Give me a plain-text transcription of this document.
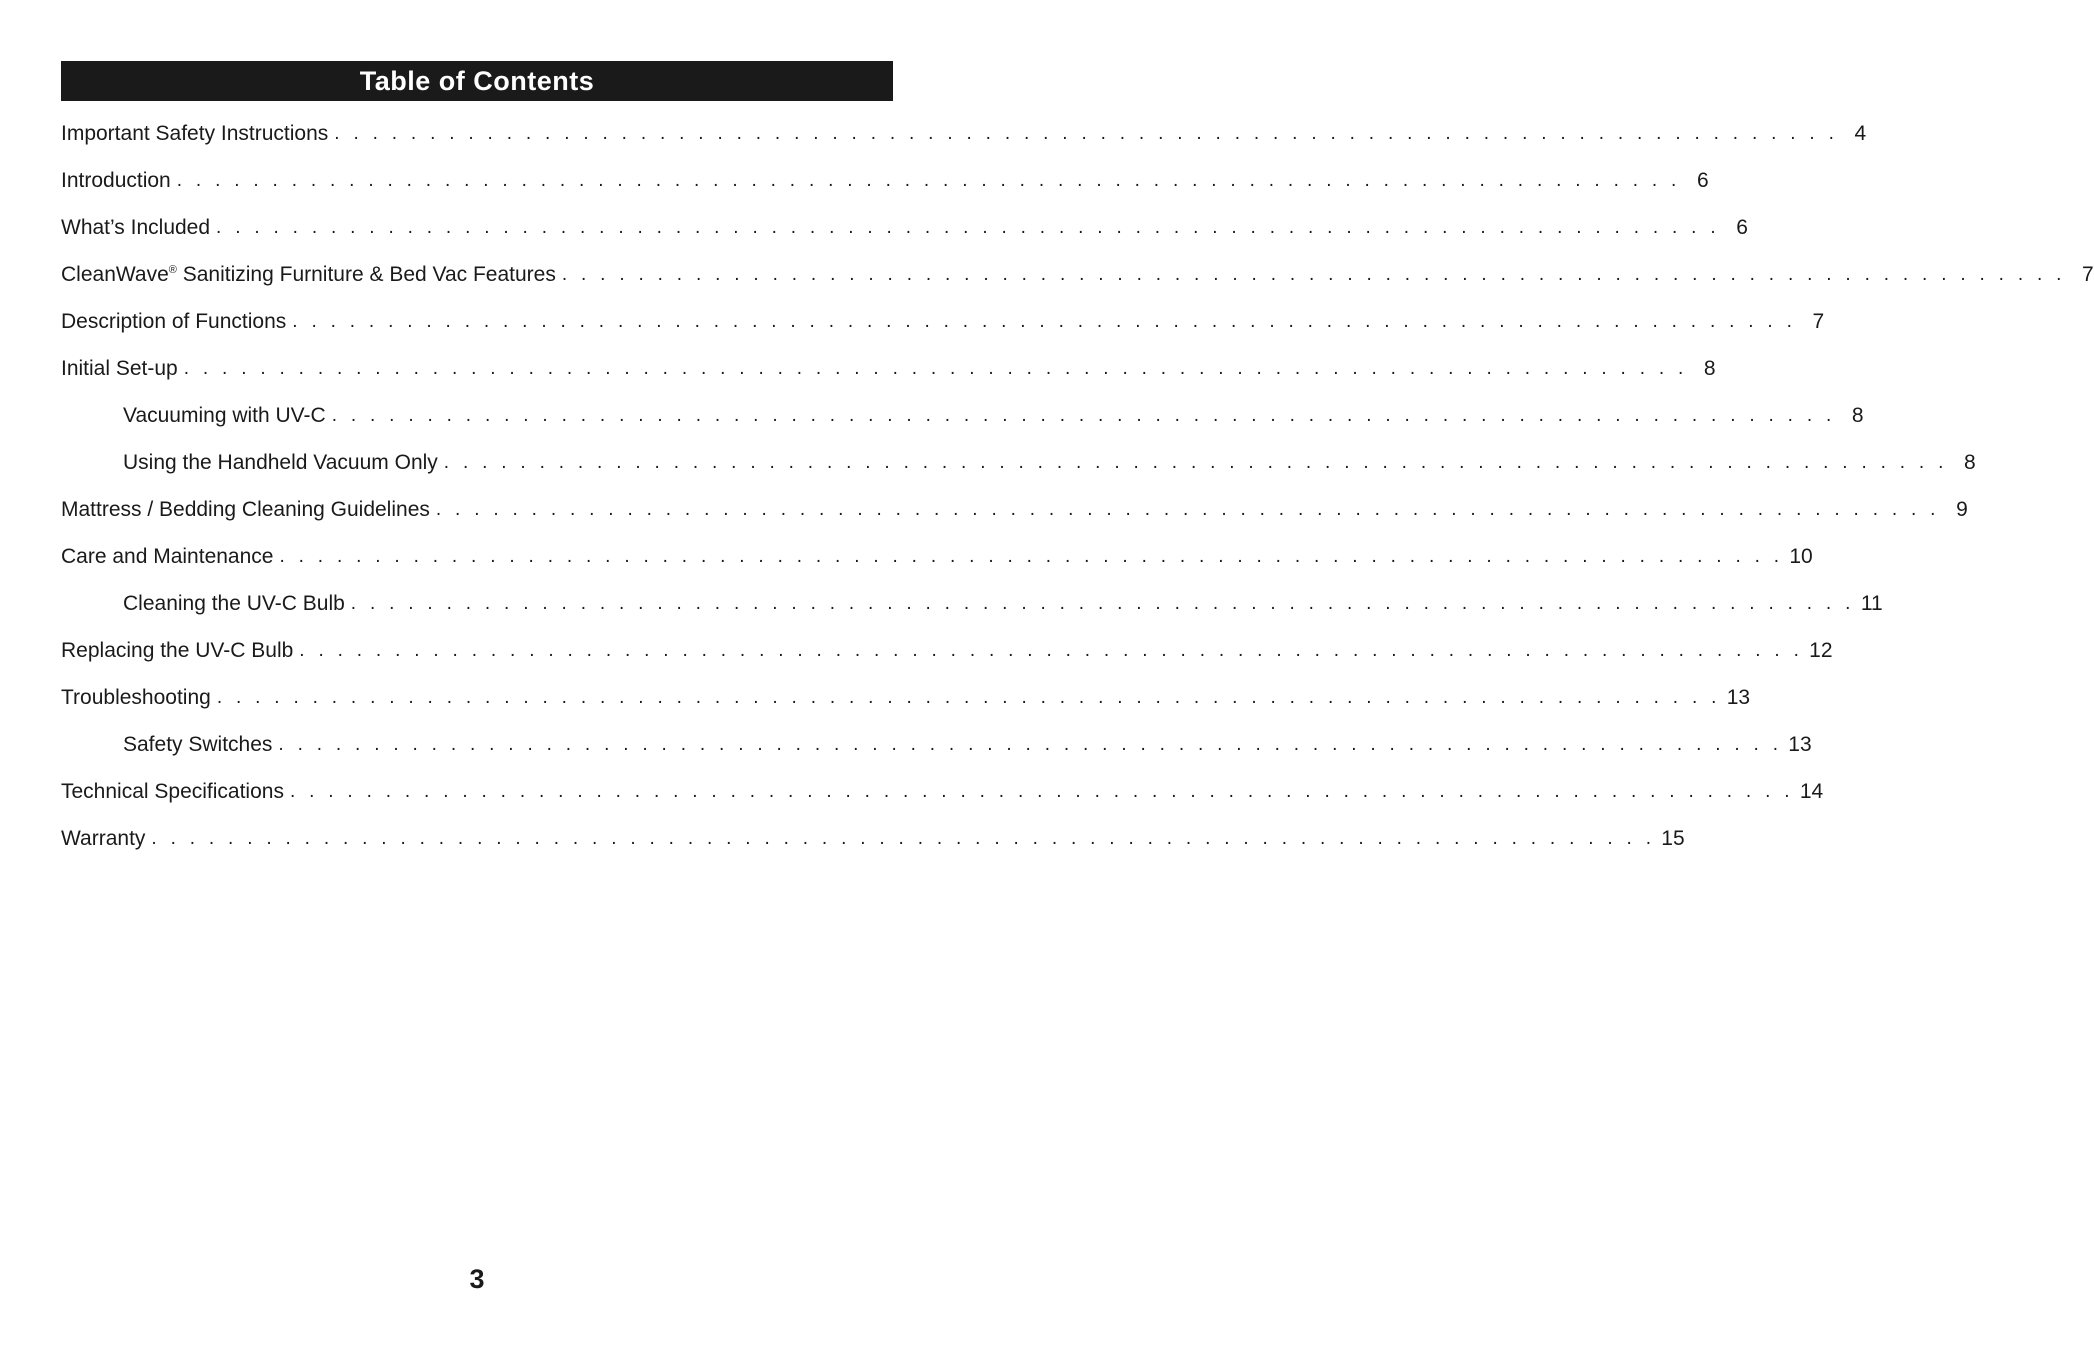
Table of Contents
Important Safety Instructions . . . . . . . . . . . . . . . . . . . . . . . . . . . . . . . . . . . . . . . . . . . . . . . . . . . . . . . . . . . . . . . . . . . . . . . . . . . . . . . 4
Introduction . . . . . . . . . . . . . . . . . . . . . . . . . . . . . . . . . . . . . . . . . . . . . . . . . . . . . . . . . . . . . . . . . . . . . . . . . . . . . . . 6
What’s Included . . . . . . . . . . . . . . . . . . . . . . . . . . . . . . . . . . . . . . . . . . . . . . . . . . . . . . . . . . . . . . . . . . . . . . . . . . . . . . . 6
CleanWave® Sanitizing Furniture & Bed Vac Features . . . . . . . . . . . . . . . . . . . . . . . . . . . . . . . . . . . . . . . . . . . . . . . . . . . . . . . . . . . . . . . . . . . . . . . . . . . . . . . 7
Description of Functions . . . . . . . . . . . . . . . . . . . . . . . . . . . . . . . . . . . . . . . . . . . . . . . . . . . . . . . . . . . . . . . . . . . . . . . . . . . . . . . 7
Initial Set-up . . . . . . . . . . . . . . . . . . . . . . . . . . . . . . . . . . . . . . . . . . . . . . . . . . . . . . . . . . . . . . . . . . . . . . . . . . . . . . . 8
Vacuuming with UV-C . . . . . . . . . . . . . . . . . . . . . . . . . . . . . . . . . . . . . . . . . . . . . . . . . . . . . . . . . . . . . . . . . . . . . . . . . . . . . . . 8
Using the Handheld Vacuum Only . . . . . . . . . . . . . . . . . . . . . . . . . . . . . . . . . . . . . . . . . . . . . . . . . . . . . . . . . . . . . . . . . . . . . . . . . . . . . . . 8
Mattress / Bedding Cleaning Guidelines . . . . . . . . . . . . . . . . . . . . . . . . . . . . . . . . . . . . . . . . . . . . . . . . . . . . . . . . . . . . . . . . . . . . . . . . . . . . . . . 9
Care and Maintenance . . . . . . . . . . . . . . . . . . . . . . . . . . . . . . . . . . . . . . . . . . . . . . . . . . . . . . . . . . . . . . . . . . . . . . . . . . . . . . . 10
Cleaning the UV-C Bulb . . . . . . . . . . . . . . . . . . . . . . . . . . . . . . . . . . . . . . . . . . . . . . . . . . . . . . . . . . . . . . . . . . . . . . . . . . . . . . . 11
Replacing the UV-C Bulb . . . . . . . . . . . . . . . . . . . . . . . . . . . . . . . . . . . . . . . . . . . . . . . . . . . . . . . . . . . . . . . . . . . . . . . . . . . . . . . 12
Troubleshooting . . . . . . . . . . . . . . . . . . . . . . . . . . . . . . . . . . . . . . . . . . . . . . . . . . . . . . . . . . . . . . . . . . . . . . . . . . . . . . . 13
Safety Switches . . . . . . . . . . . . . . . . . . . . . . . . . . . . . . . . . . . . . . . . . . . . . . . . . . . . . . . . . . . . . . . . . . . . . . . . . . . . . . . 13
Technical Specifications . . . . . . . . . . . . . . . . . . . . . . . . . . . . . . . . . . . . . . . . . . . . . . . . . . . . . . . . . . . . . . . . . . . . . . . . . . . . . . . 14
Warranty . . . . . . . . . . . . . . . . . . . . . . . . . . . . . . . . . . . . . . . . . . . . . . . . . . . . . . . . . . . . . . . . . . . . . . . . . . . . . . . 15
3
